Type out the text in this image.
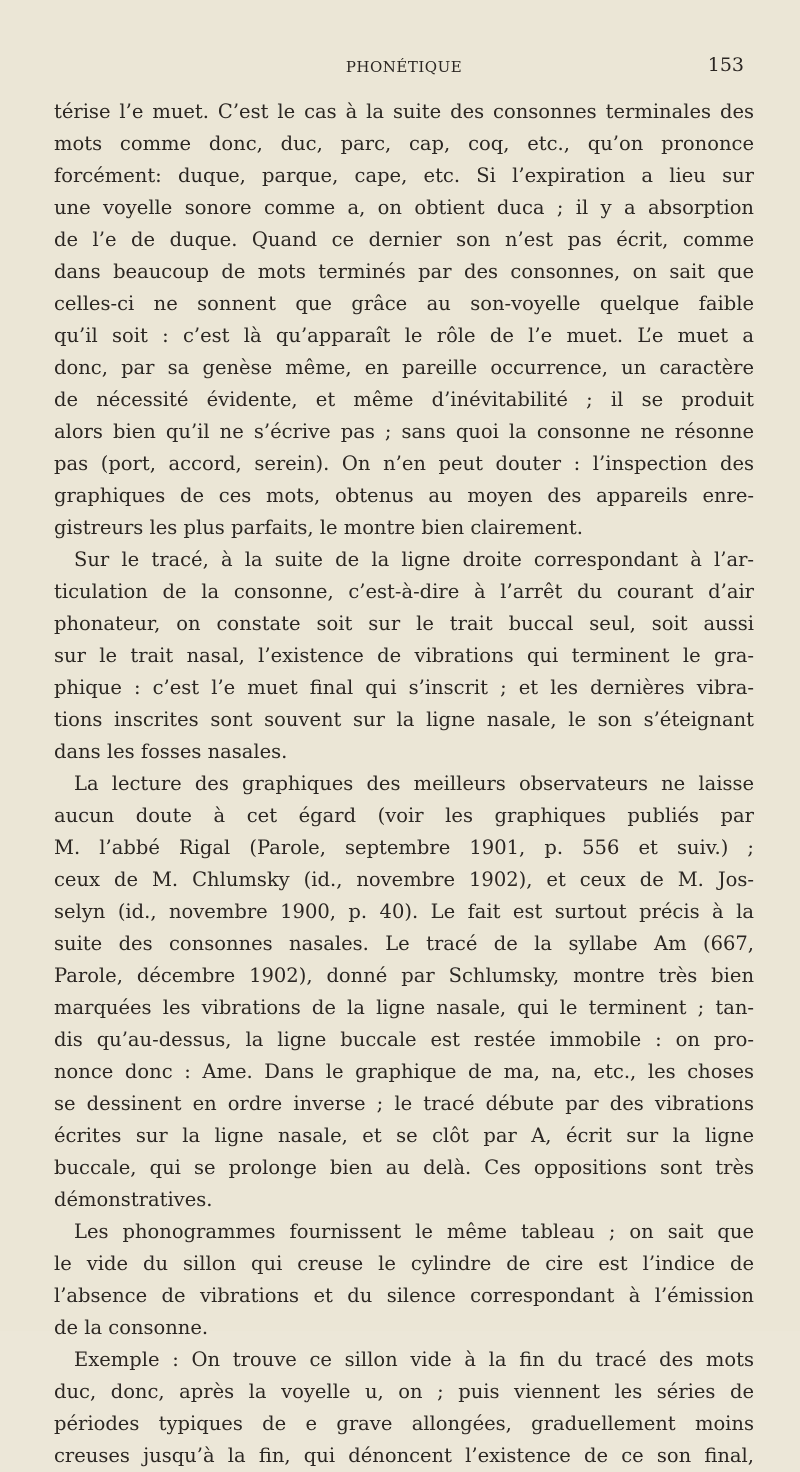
PHONÉTIQUE	153
térise l’e muet. C’est le cas à la suite des consonnes terminales des
mots comme donc, duc, parc, cap, coq, etc., qu’on prononce
forcément: duque, parque, cape, etc. Si l’expiration a lieu sur
une voyelle sonore comme a, on obtient duca ; il y a absorption
de l’e de duque. Quand ce dernier son n’est pas écrit, comme
dans beaucoup de mots terminés par des consonnes, on sait que
celles-ci ne sonnent que grâce au son-voyelle quelque faible
qu’il soit : c’est là qu’apparaît le rôle de l’e muet. L’e muet a
donc, par sa genèse même, en pareille occurrence, un caractère
de nécessité évidente, et même d’inévitabilité ; il se produit
alors bien qu’il ne s’écrive pas ; sans quoi la consonne ne résonne
pas (port, accord, serein). On n’en peut douter : l’inspection des
graphiques de ces mots, obtenus au moyen des appareils enre-
gistreurs les plus parfaits, le montre bien clairement.
Sur le tracé, à la suite de la ligne droite correspondant à l’ar-
ticulation de la consonne, c’est-à-dire à l’arrêt du courant d’air
phonateur, on constate soit sur le trait buccal seul, soit aussi
sur le trait nasal, l’existence de vibrations qui terminent le gra-
phique : c’est l’e muet final qui s’inscrit ; et les dernières vibra-
tions inscrites sont souvent sur la ligne nasale, le son s’éteignant
dans les fosses nasales.
La lecture des graphiques des meilleurs observateurs ne laisse
aucun doute à cet égard (voir les graphiques publiés par
M. l’abbé Rigal (Parole, septembre 1901, p. 556 et suiv.) ;
ceux de M. Chlumsky (id., novembre 1902), et ceux de M. Jos-
selyn (id., novembre 1900, p. 40). Le fait est surtout précis à la
suite des consonnes nasales. Le tracé de la syllabe Am (667,
Parole, décembre 1902), donné par Schlumsky, montre très bien
marquées les vibrations de la ligne nasale, qui le terminent ; tan-
dis qu’au-dessus, la ligne buccale est restée immobile : on pro-
nonce donc : Ame. Dans le graphique de ma, na, etc., les choses
se dessinent en ordre inverse ; le tracé débute par des vibrations
écrites sur la ligne nasale, et se clôt par A, écrit sur la ligne
buccale, qui se prolonge bien au delà. Ces oppositions sont très
démonstratives.
Les phonogrammes fournissent le même tableau ; on sait que
le vide du sillon qui creuse le cylindre de cire est l’indice de
l’absence de vibrations et du silence correspondant à l’émission
de la consonne.
Exemple : On trouve ce sillon vide à la fin du tracé des mots
duc, donc, après la voyelle u, on ; puis viennent les séries de
périodes typiques de e grave allongées, graduellement moins
creuses jusqu’à la fin, qui dénoncent l’existence de ce son final,
